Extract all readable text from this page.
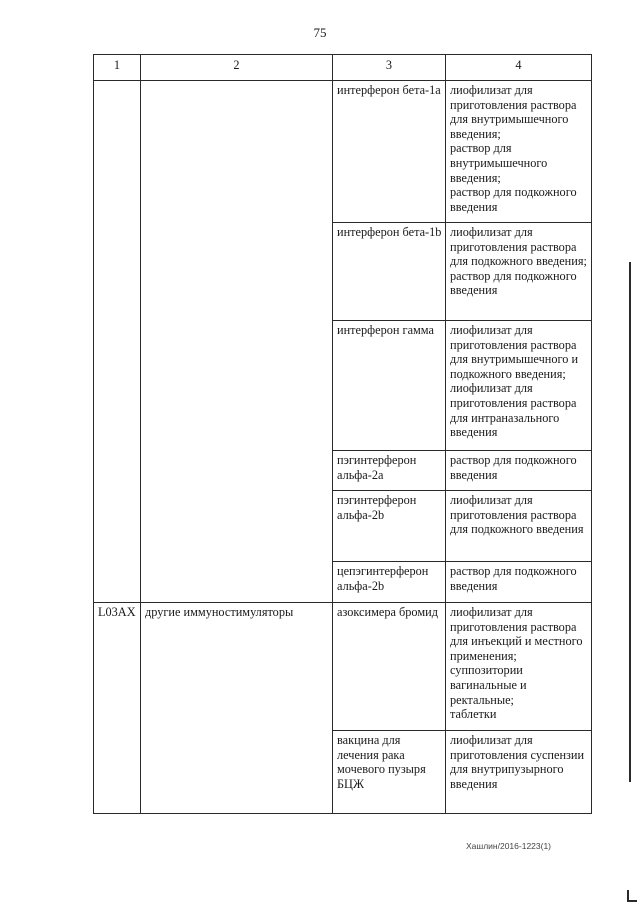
75
1	2	3	4
		интерферон бета-1a	лиофилизат для приготовления раствора для внутримышечного введения;
раствор для внутримышечного введения;
раствор для подкожного введения

		интерферон бета-1b	лиофилизат для приготовления раствора для подкожного введения;
раствор для подкожного введения

		интерферон гамма	лиофилизат для приготовления раствора для внутримышечного и подкожного введения;
лиофилизат для приготовления раствора для интраназального введения

		пэгинтерферон альфа-2a	раствор для подкожного введения

		пэгинтерферон альфа-2b	лиофилизат для приготовления раствора для подкожного введения

		цепэгинтерферон альфа-2b	раствор для подкожного введения

L03AX	другие иммуностимуляторы	азоксимера бромид	лиофилизат для приготовления раствора для инъекций и местного применения;
суппозитории вагинальные и ректальные;
таблетки

		вакцина для лечения рака мочевого пузыря БЦЖ	лиофилизат для приготовления суспензии для внутрипузырного введения
Хашлин/2016-1223(1)
